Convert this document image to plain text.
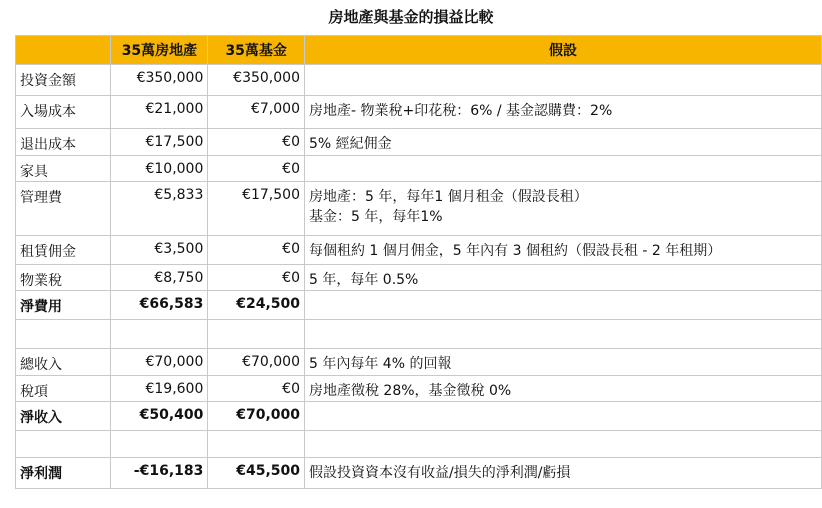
房地產與基金的損益比較
	35萬房地產	35萬基金	假設
投資金額	€350,000	€350,000	

入場成本	€21,000	€7,000	房地產- 物業稅+印花稅：6% / 基金認購費：2%

退出成本	€17,500	€0	5% 經紀佣金

家具	€10,000	€0	

管理費	€5,833	€17,500	房地產：5 年，每年1 個月租金（假設長租）
基金：5 年，每年1%

租賃佣金	€3,500	€0	每個租約 1 個月佣金，5 年內有 3 個租約（假設長租 - 2 年租期）

物業稅	€8,750	€0	5 年，每年 0.5%

淨費用	€66,583	€24,500	

總收入	€70,000	€70,000	5 年內每年 4% 的回報

稅項	€19,600	€0	房地產徵稅 28%，基金徵稅 0%

淨收入	€50,400	€70,000	

淨利潤	-€16,183	€45,500	假設投資資本沒有收益/損失的淨利潤/虧損
